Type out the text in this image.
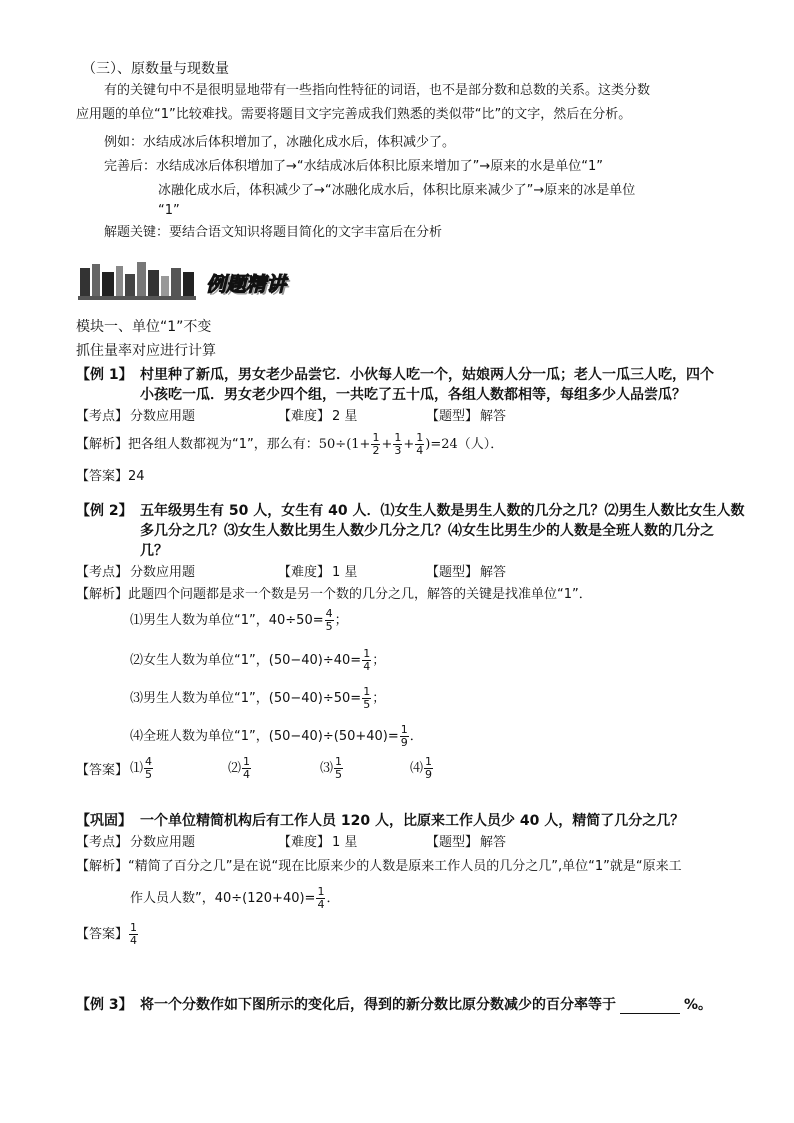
（三）、原数量与现数量
有的关键句中不是很明显地带有一些指向性特征的词语，也不是部分数和总数的关系。这类分数
应用题的单位“1”比较难找。需要将题目文字完善成我们熟悉的类似带“比”的文字，然后在分析。
例如：水结成冰后体积增加了，冰融化成水后，体积减少了。
完善后：水结成冰后体积增加了→“水结成冰后体积比原来增加了”→原来的水是单位“1”
冰融化成水后，体积减少了→“冰融化成水后，体积比原来减少了”→原来的冰是单位
“1”
解题关键：要结合语文知识将题目简化的文字丰富后在分析
例题精讲
模块一、单位“1”不变
抓住量率对应进行计算
【例 1】 村里种了新瓜，男女老少品尝它．小伙每人吃一个，姑娘两人分一瓜；老人一瓜三人吃，四个
小孩吃一瓜．男女老少四个组，一共吃了五十瓜，各组人数都相等，每组多少人品尝瓜？
【考点】 分数应用题	【难度】 2 星	【题型】 解答
【解析】把各组人数都视为“1”，那么有：$50\div(1+ \frac{1}{2} + \frac{1}{3} + \frac{1}{4} )=24$（人）．
【答案】24
【例 2】 五年级男生有 50 人，女生有 40 人．⑴女生人数是男生人数的几分之几？⑵男生人数比女生人数
多几分之几？⑶女生人数比男生人数少几分之几？⑷女生比男生少的人数是全班人数的几分之
几？
【考点】 分数应用题	【难度】 1 星	【题型】 解答
【解析】此题四个问题都是求一个数是另一个数的几分之几，解答的关键是找准单位“1”．
⑴男生人数为单位“1”，$40\div 50= \frac{4}{5}$ ；
⑵女生人数为单位“1”，$(50-40)\div 40= \frac{1}{4}$ ；
⑶男生人数为单位“1”，$(50-40)\div 50= \frac{1}{5}$ ；
⑷全班人数为单位“1”，$(50-40)\div(50+40)= \frac{1}{9}$ ．
【答案】 ⑴ $\frac{4}{5}$	⑵ $\frac{1}{4}$	⑶ $\frac{1}{5}$	⑷ $\frac{1}{9}$
【巩固】 一个单位精简机构后有工作人员 120 人，比原来工作人员少 40 人，精简了几分之几？
【考点】 分数应用题	【难度】 1 星	【题型】 解答
【解析】“精简了百分之几”是在说“现在比原来少的人数是原来工作人员的几分之几”,单位“1”就是“原来工
作人员人数”，$40\div(120+40)= \frac{1}{4}$ ．
【答案】 $\frac{1}{4}$
【例 3】 将一个分数作如下图所示的变化后，得到的新分数比原分数减少的百分率等于	%。
